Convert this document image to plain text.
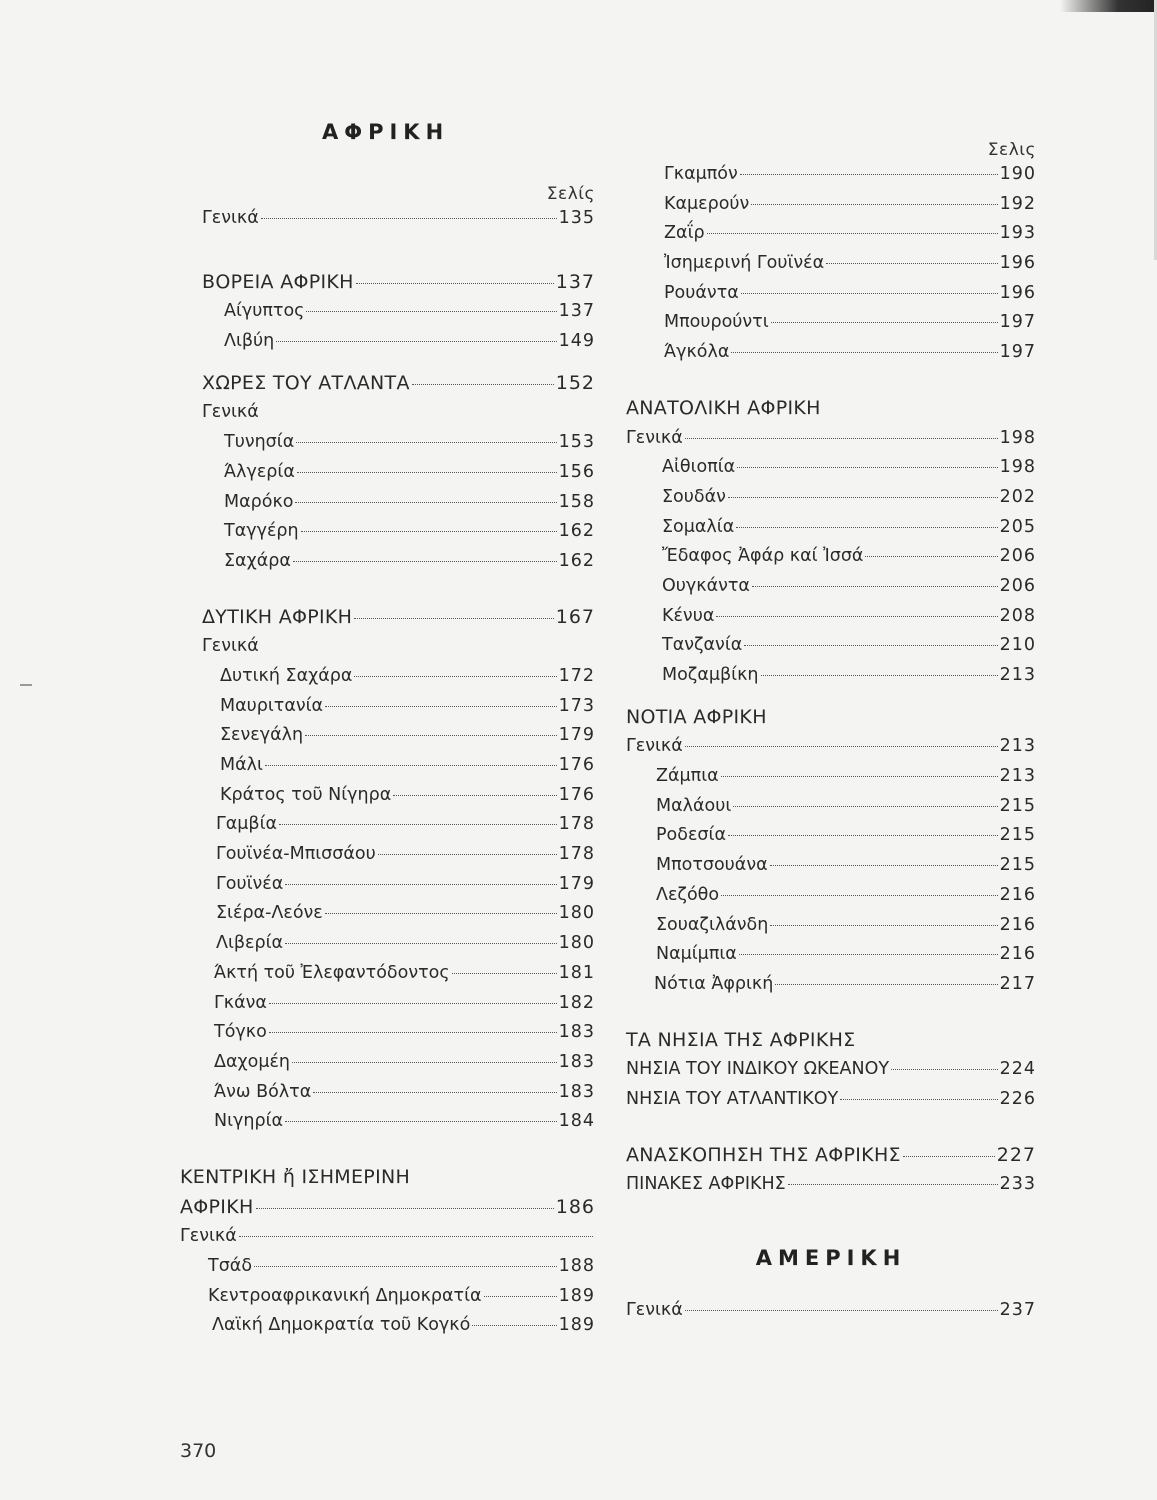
ΑΦΡΙΚΗ
Σελίς
Γενικά	135
ΒΟΡΕΙΑ ΑΦΡΙΚΗ	137
Αίγυπτος	137
Λιβύη	149
ΧΩΡΕΣ ΤΟΥ ΑΤΛΑΝΤΑ	152
Γενικά
Τυνησία	153
Άλγερία	156
Μαρόκο	158
Ταγγέρη	162
Σαχάρα	162
ΔΥΤΙΚΗ ΑΦΡΙΚΗ	167
Γενικά
Δυτική Σαχάρα	172
Μαυριτανία	173
Σενεγάλη	179
Μάλι	176
Κράτος τοῦ Νίγηρα	176
Γαμβία	178
Γουϊνέα-Μπισσάου	178
Γουϊνέα	179
Σιέρα-Λεόνε	180
Λιβερία	180
Άκτή τοῦ Ἐλεφαντόδοντος	181
Γκάνα	182
Τόγκο	183
Δαχομέη	183
Άνω Βόλτα	183
Νιγηρία	184
ΚΕΝΤΡΙΚΗ ἤ ΙΣΗΜΕΡΙΝΗ
ΑΦΡΙΚΗ	186
Γενικά
Τσάδ	188
Κεντροαφρικανική Δημοκρατία	189
Λαϊκή Δημοκρατία τοῦ Κογκό	189
Σελις
Γκαμπόν	190
Καμερούν	192
Ζαΐρ	193
Ἰσημερινή Γουϊνέα	196
Ρουάντα	196
Μπουρούντι	197
Άγκόλα	197
ΑΝΑΤΟΛΙΚΗ ΑΦΡΙΚΗ
Γενικά	198
Αἰθιοπία	198
Σουδάν	202
Σομαλία	205
Ἔδαφος Ἀφάρ καί Ἰσσά	206
Ουγκάντα	206
Κένυα	208
Τανζανία	210
Μοζαμβίκη	213
ΝΟΤΙΑ ΑΦΡΙΚΗ
Γενικά	213
Ζάμπια	213
Μαλάουι	215
Ροδεσία	215
Μποτσουάνα	215
Λεζόθο	216
Σουαζιλάνδη	216
Ναμίμπια	216
Νότια Ἀφρική	217
ΤΑ ΝΗΣΙΑ ΤΗΣ ΑΦΡΙΚΗΣ
ΝΗΣΙΑ ΤΟΥ ΙΝΔΙΚΟΥ ΩΚΕΑΝΟΥ	224
ΝΗΣΙΑ ΤΟΥ ΑΤΛΑΝΤΙΚΟΥ	226
ΑΝΑΣΚΟΠΗΣΗ ΤΗΣ ΑΦΡΙΚΗΣ	227
ΠΙΝΑΚΕΣ ΑΦΡΙΚΗΣ	233
ΑΜΕΡΙΚΗ
Γενικά	237
370
